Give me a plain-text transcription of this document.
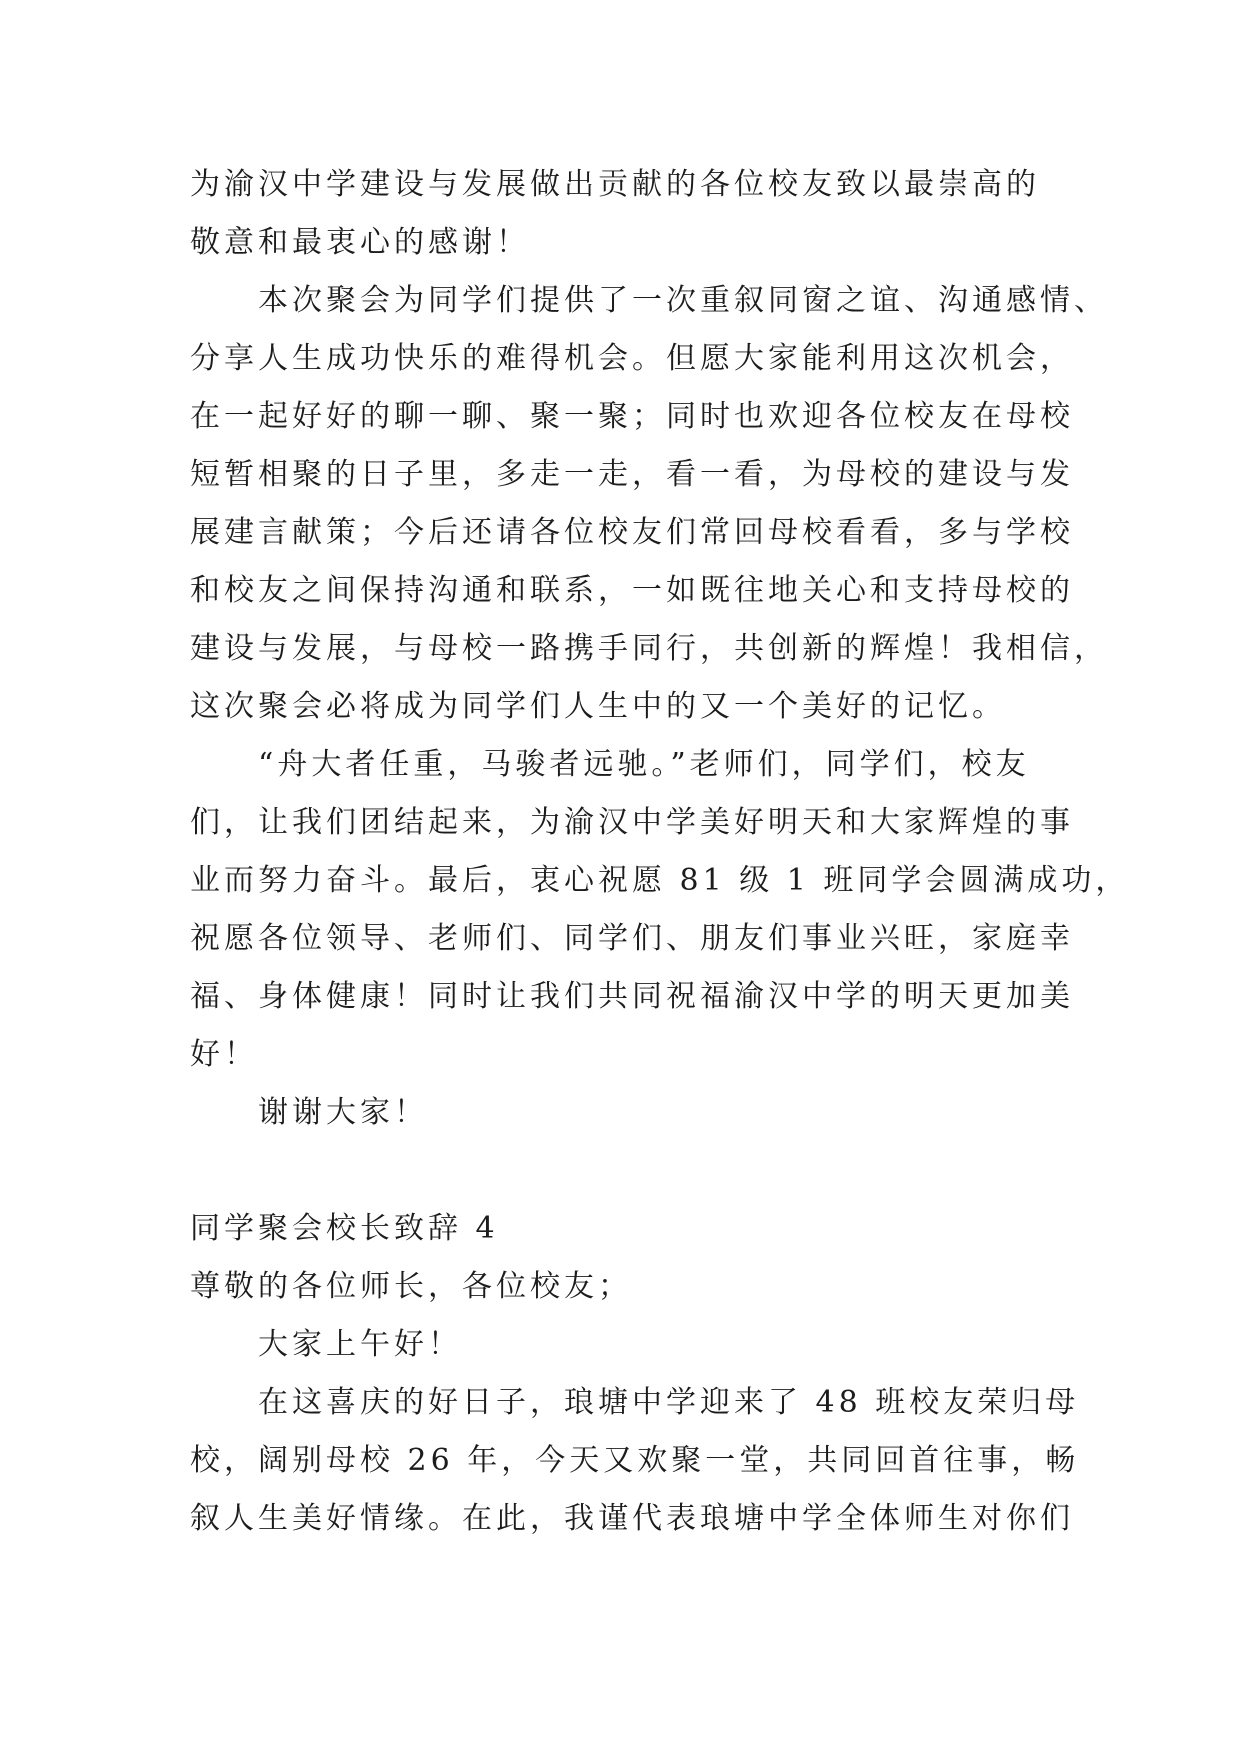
为渝汉中学建设与发展做出贡献的各位校友致以最崇高的
敬意和最衷心的感谢！
本次聚会为同学们提供了一次重叙同窗之谊、沟通感情、
分享人生成功快乐的难得机会。但愿大家能利用这次机会，
在一起好好的聊一聊、聚一聚；同时也欢迎各位校友在母校
短暂相聚的日子里，多走一走，看一看，为母校的建设与发
展建言献策；今后还请各位校友们常回母校看看，多与学校
和校友之间保持沟通和联系，一如既往地关心和支持母校的
建设与发展，与母校一路携手同行，共创新的辉煌！我相信，
这次聚会必将成为同学们人生中的又一个美好的记忆。
“舟大者任重，马骏者远驰。”老师们，同学们，校友
们，让我们团结起来，为渝汉中学美好明天和大家辉煌的事
业而努力奋斗。最后，衷心祝愿 81 级 1 班同学会圆满成功，
祝愿各位领导、老师们、同学们、朋友们事业兴旺，家庭幸
福、身体健康！同时让我们共同祝福渝汉中学的明天更加美
好！
谢谢大家！
同学聚会校长致辞 4
尊敬的各位师长，各位校友；
大家上午好！
在这喜庆的好日子，琅塘中学迎来了 48 班校友荣归母
校，阔别母校 26 年，今天又欢聚一堂，共同回首往事，畅
叙人生美好情缘。在此，我谨代表琅塘中学全体师生对你们
